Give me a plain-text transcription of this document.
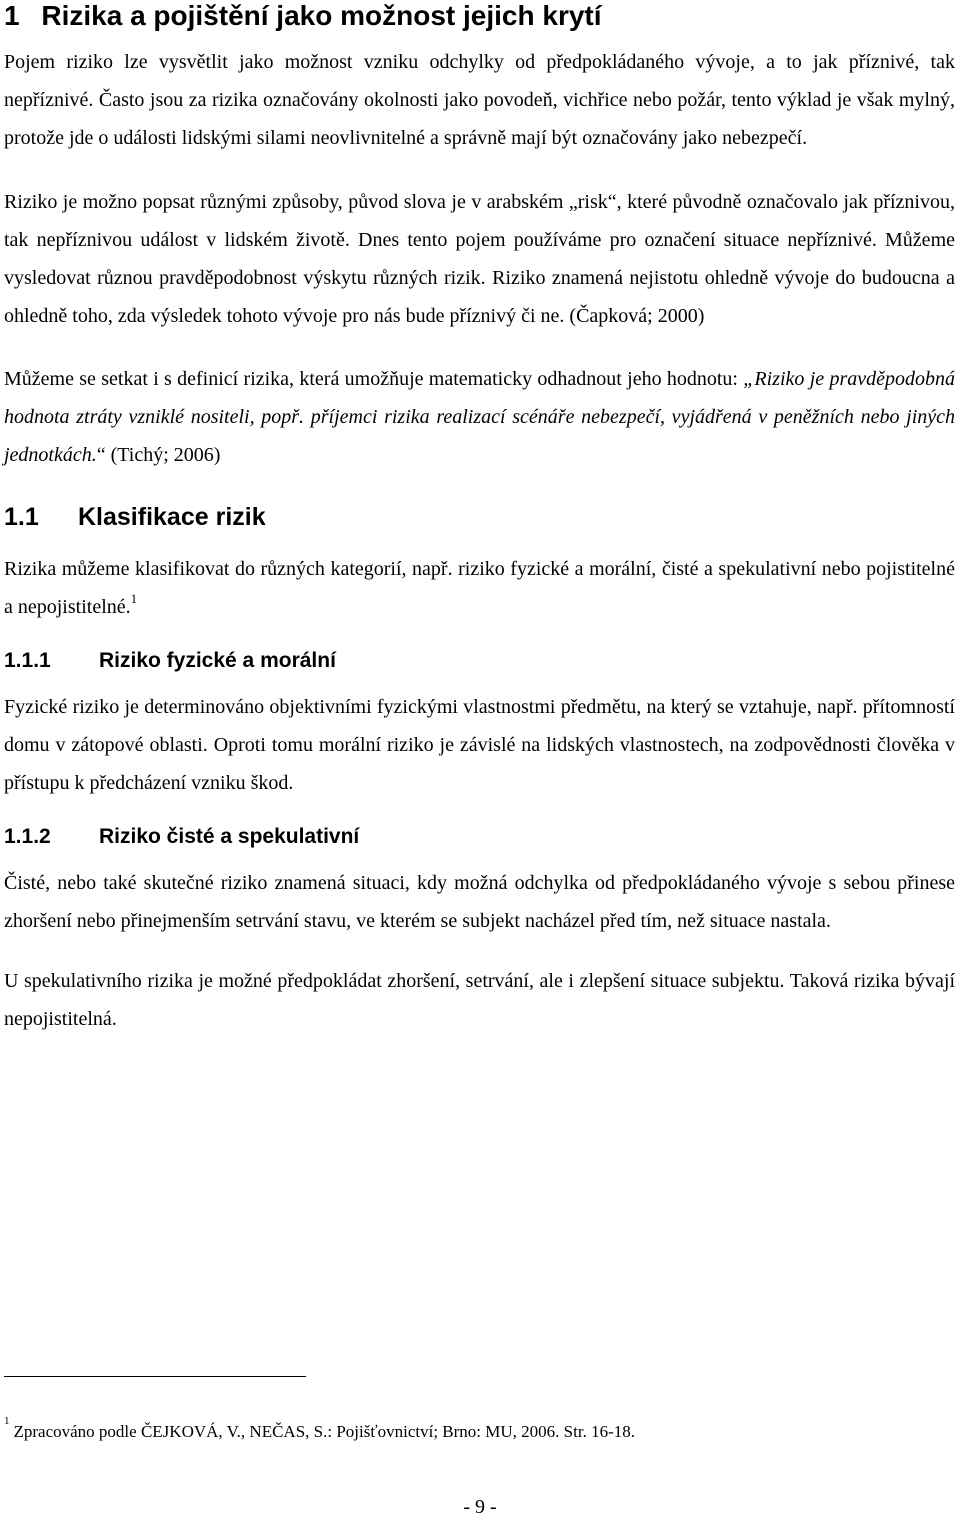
1 Rizika a pojištění jako možnost jejich krytí

Pojem riziko lze vysvětlit jako možnost vzniku odchylky od předpokládaného vývoje, a to jak příznivé, tak nepříznivé. Často jsou za rizika označovány okolnosti jako povodeň, vichřice nebo požár, tento výklad je však mylný, protože jde o události lidskými silami neovlivnitelné a správně mají být označovány jako nebezpečí.

Riziko je možno popsat různými způsoby, původ slova je v arabském „risk“, které původně označovalo jak příznivou, tak nepříznivou událost v lidském životě. Dnes tento pojem používáme pro označení situace nepříznivé. Můžeme vysledovat různou pravděpodobnost výskytu různých rizik. Riziko znamená nejistotu ohledně vývoje do budoucna a ohledně toho, zda výsledek tohoto vývoje pro nás bude příznivý či ne. (Čapková; 2000)

Můžeme se setkat i s definicí rizika, která umožňuje matematicky odhadnout jeho hodnotu: „Riziko je pravděpodobná hodnota ztráty vzniklé nositeli, popř. příjemci rizika realizací scénáře nebezpečí, vyjádřená v peněžních nebo jiných jednotkách.“ (Tichý; 2006)

1.1	Klasifikace rizik

Rizika můžeme klasifikovat do různých kategorií, např. riziko fyzické a morální, čisté a spekulativní nebo pojistitelné a nepojistitelné.$^1$

1.1.1	Riziko fyzické a morální

Fyzické riziko je determinováno objektivními fyzickými vlastnostmi předmětu, na který se vztahuje, např. přítomností domu v zátopové oblasti. Oproti tomu morální riziko je závislé na lidských vlastnostech, na zodpovědnosti člověka v přístupu k předcházení vzniku škod.

1.1.2	Riziko čisté a spekulativní

Čisté, nebo také skutečné riziko znamená situaci, kdy možná odchylka od předpokládaného vývoje s sebou přinese zhoršení nebo přinejmenším setrvání stavu, ve kterém se subjekt nacházel před tím, než situace nastala.

U spekulativního rizika je možné předpokládat zhoršení, setrvání, ale i zlepšení situace subjektu. Taková rizika bývají nepojistitelná.

$^1$Zpracováno podle ČEJKOVÁ, V., NEČAS, S.: Pojišťovnictví; Brno: MU, 2006. Str. 16-18.
- 9 -
